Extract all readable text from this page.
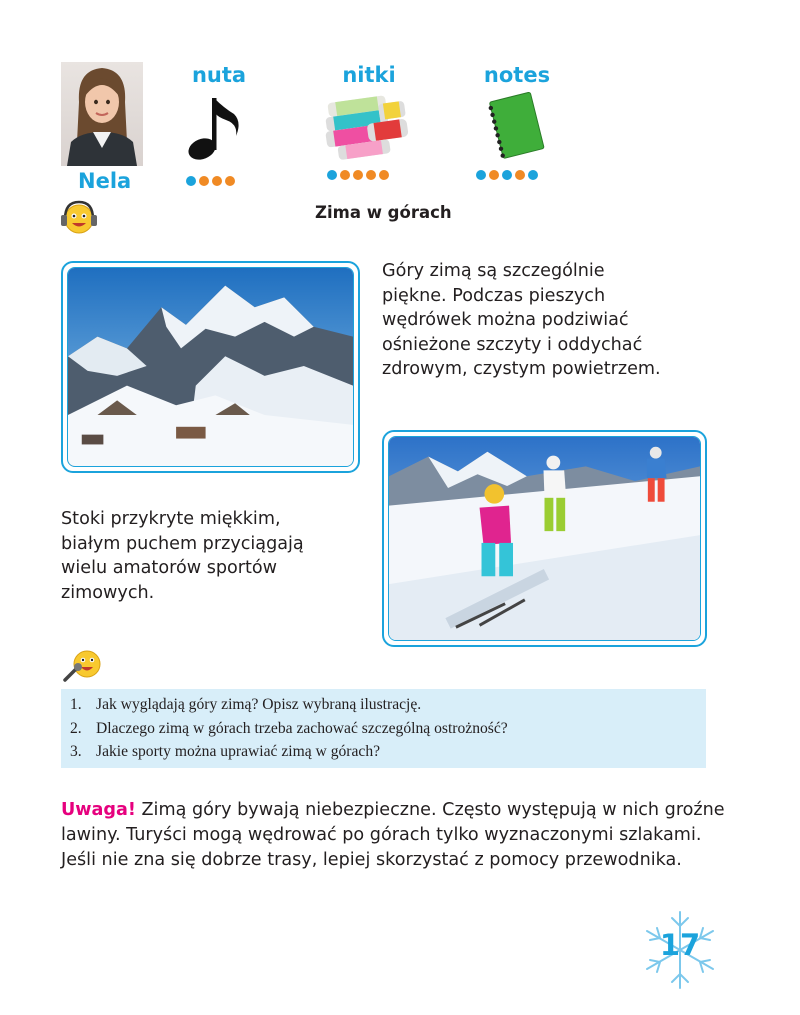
Nela
nuta	nitki	notes
Zima w górach
Góry zimą są szczególnie
piękne. Podczas pieszych
wędrówek można podziwiać
ośnieżone szczyty i oddychać
zdrowym, czystym powietrzem.
Stoki przykryte miękkim,
białym puchem przyciągają
wielu amatorów sportów
zimowych.
1. Jak wyglądają góry zimą? Opisz wybraną ilustrację.
2. Dlaczego zimą w górach trzeba zachować szczególną ostrożność?
3. Jakie sporty można uprawiać zimą w górach?
Uwaga! Zimą góry bywają niebezpieczne. Często występują w nich groźne lawiny. Turyści mogą wędrować po górach tylko wyznaczonymi szlakami. Jeśli nie zna się dobrze trasy, lepiej skorzystać z pomocy przewodnika.
17
